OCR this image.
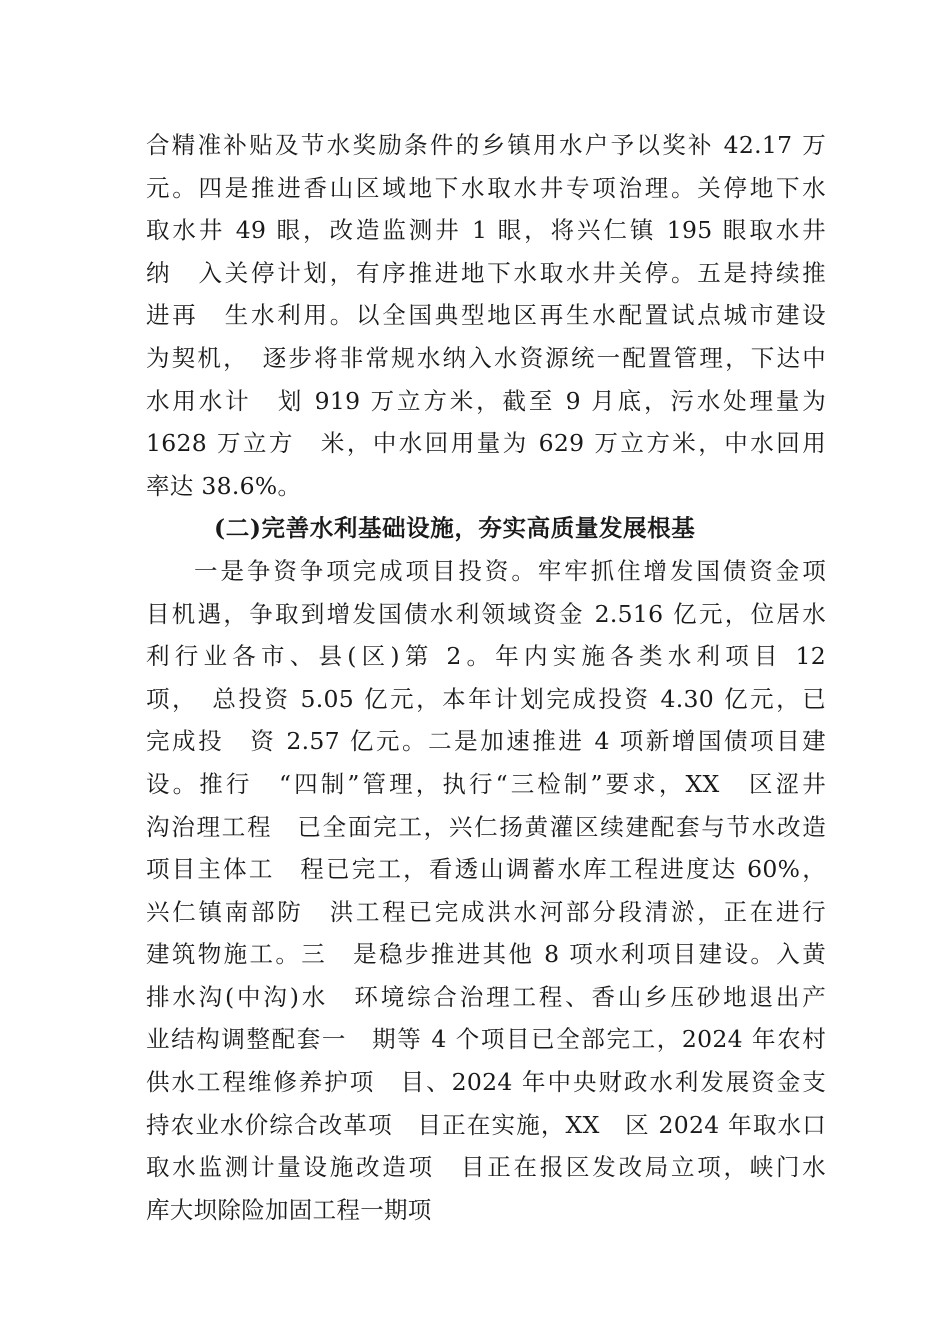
合精准补贴及节水奖励条件的乡镇用水户予以奖补 42.17 万
元。四是推进香山区域地下水取水井专项治理。关停地下水
取水井 49 眼，改造监测井 1 眼，将兴仁镇 195 眼取水井
纳　入关停计划，有序推进地下水取水井关停。五是持续推
进再　生水利用。以全国典型地区再生水配置试点城市建设
为契机，　逐步将非常规水纳入水资源统一配置管理，下达中
水用水计　划 919 万立方米，截至 9 月底，污水处理量为
1628 万立方　米，中水回用量为 629 万立方米，中水回用
率达 38.6%。
(二)完善水利基础设施，夯实高质量发展根基
一是争资争项完成项目投资。牢牢抓住增发国债资金项
目机遇，争取到增发国债水利领域资金 2.516 亿元，位居水
利行业各市、县(区)第 2。年内实施各类水利项目 12
项，　总投资 5.05 亿元，本年计划完成投资 4.30 亿元，已
完成投　资 2.57 亿元。二是加速推进 4 项新增国债项目建
设。推行　“四制”管理，执行“三检制”要求，XX　区涩井
沟治理工程　已全面完工，兴仁扬黄灌区续建配套与节水改造
项目主体工　程已完工，看透山调蓄水库工程进度达 60%，
兴仁镇南部防　洪工程已完成洪水河部分段清淤，正在进行
建筑物施工。三　是稳步推进其他 8 项水利项目建设。入黄
排水沟(中沟)水　环境综合治理工程、香山乡压砂地退出产
业结构调整配套一　期等 4 个项目已全部完工，2024 年农村
供水工程维修养护项　目、2024 年中央财政水利发展资金支
持农业水价综合改革项　目正在实施，XX　区 2024 年取水口
取水监测计量设施改造项　目正在报区发改局立项，峡门水
库大坝除险加固工程一期项
